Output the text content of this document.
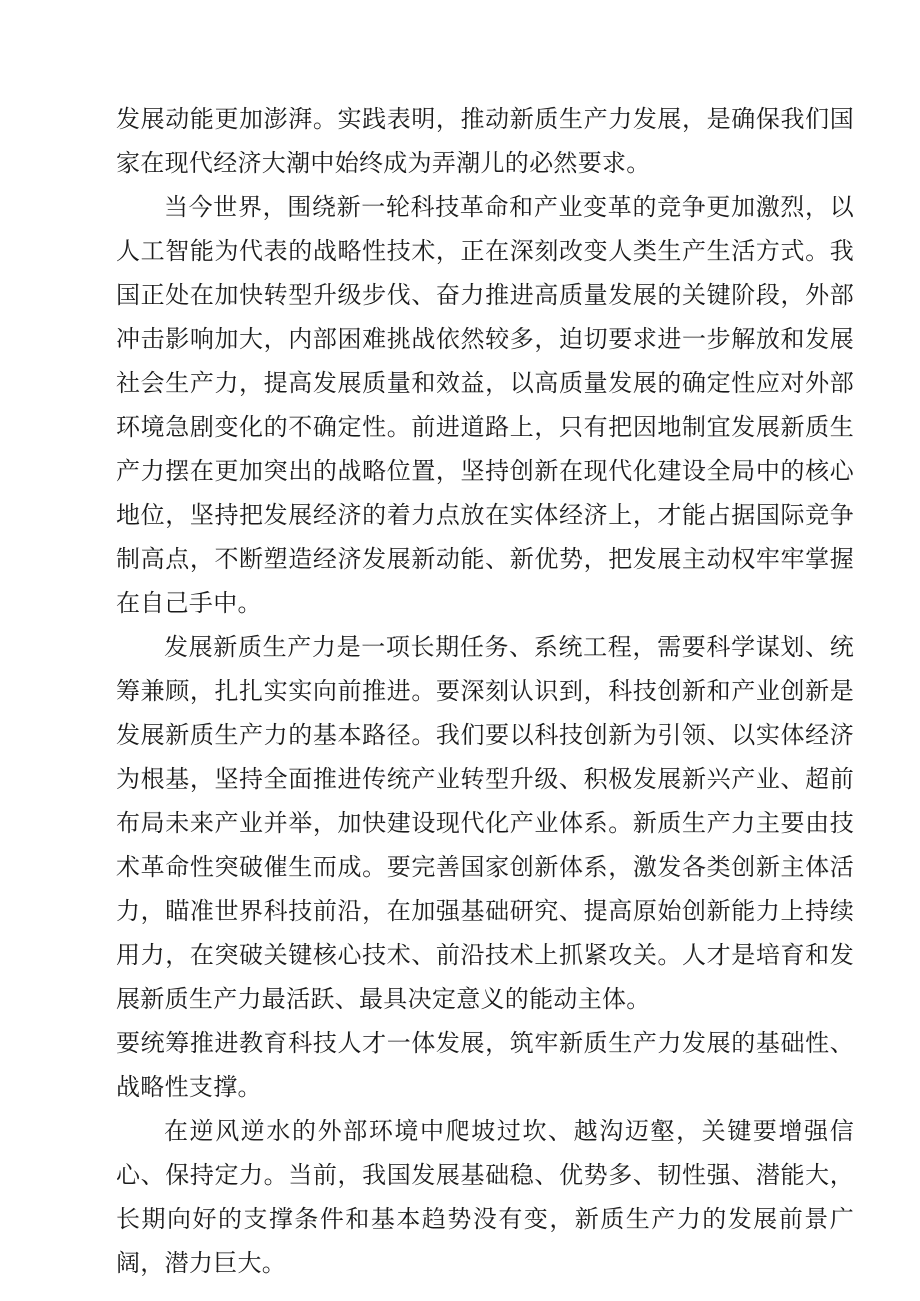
发展动能更加澎湃。实践表明，推动新质生产力发展，是确保我们国家在现代经济大潮中始终成为弄潮儿的必然要求。

当今世界，围绕新一轮科技革命和产业变革的竞争更加激烈，以人工智能为代表的战略性技术，正在深刻改变人类生产生活方式。我国正处在加快转型升级步伐、奋力推进高质量发展的关键阶段，外部冲击影响加大，内部困难挑战依然较多，迫切要求进一步解放和发展社会生产力，提高发展质量和效益，以高质量发展的确定性应对外部环境急剧变化的不确定性。前进道路上，只有把因地制宜发展新质生产力摆在更加突出的战略位置，坚持创新在现代化建设全局中的核心地位，坚持把发展经济的着力点放在实体经济上，才能占据国际竞争制高点，不断塑造经济发展新动能、新优势，把发展主动权牢牢掌握在自己手中。

发展新质生产力是一项长期任务、系统工程，需要科学谋划、统筹兼顾，扎扎实实向前推进。要深刻认识到，科技创新和产业创新是发展新质生产力的基本路径。我们要以科技创新为引领、以实体经济为根基，坚持全面推进传统产业转型升级、积极发展新兴产业、超前布局未来产业并举，加快建设现代化产业体系。新质生产力主要由技术革命性突破催生而成。要完善国家创新体系，激发各类创新主体活力，瞄准世界科技前沿，在加强基础研究、提高原始创新能力上持续用力，在突破关键核心技术、前沿技术上抓紧攻关。人才是培育和发展新质生产力最活跃、最具决定意义的能动主体。

要统筹推进教育科技人才一体发展，筑牢新质生产力发展的基础性、战略性支撑。

在逆风逆水的外部环境中爬坡过坎、越沟迈壑，关键要增强信心、保持定力。当前，我国发展基础稳、优势多、韧性强、潜能大，长期向好的支撑条件和基本趋势没有变，新质生产力的发展前景广阔，潜力巨大。
